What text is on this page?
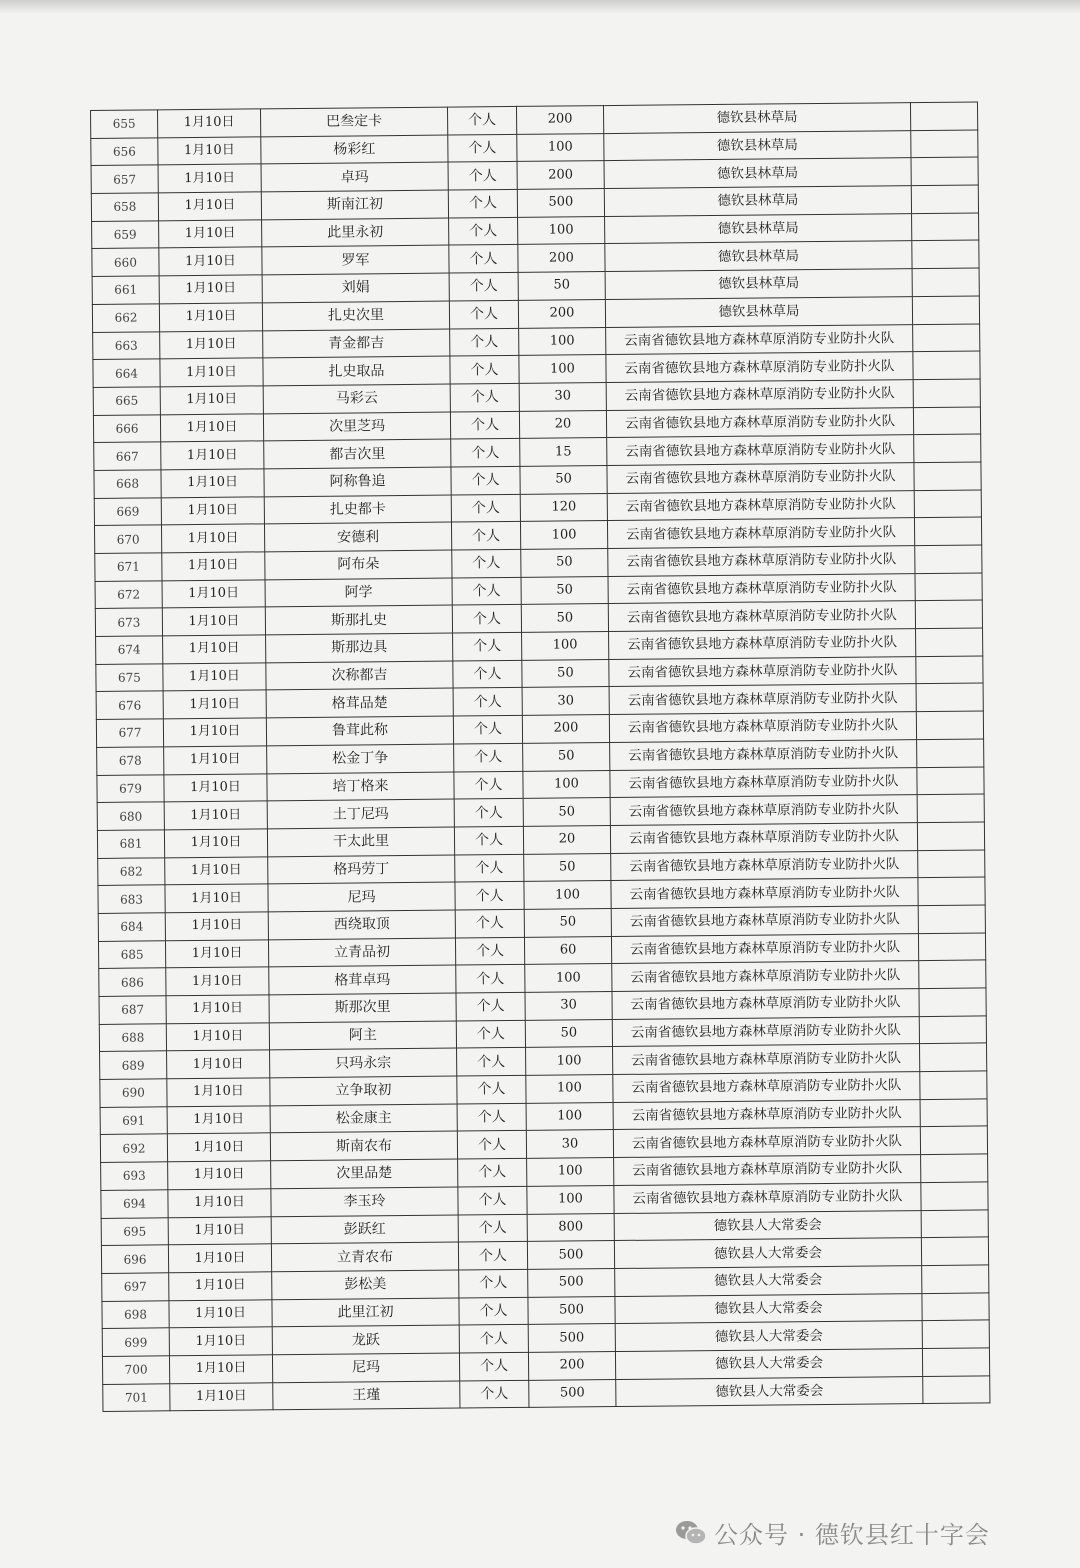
655	1月10日	巴叁定卡	个人	200	德钦县林草局	
656	1月10日	杨彩红	个人	100	德钦县林草局	
657	1月10日	卓玛	个人	200	德钦县林草局	
658	1月10日	斯南江初	个人	500	德钦县林草局	
659	1月10日	此里永初	个人	100	德钦县林草局	
660	1月10日	罗军	个人	200	德钦县林草局	
661	1月10日	刘娟	个人	50	德钦县林草局	
662	1月10日	扎史次里	个人	200	德钦县林草局	
663	1月10日	青金都吉	个人	100	云南省德钦县地方森林草原消防专业防扑火队	
664	1月10日	扎史取品	个人	100	云南省德钦县地方森林草原消防专业防扑火队	
665	1月10日	马彩云	个人	30	云南省德钦县地方森林草原消防专业防扑火队	
666	1月10日	次里芝玛	个人	20	云南省德钦县地方森林草原消防专业防扑火队	
667	1月10日	都吉次里	个人	15	云南省德钦县地方森林草原消防专业防扑火队	
668	1月10日	阿称鲁追	个人	50	云南省德钦县地方森林草原消防专业防扑火队	
669	1月10日	扎史都卡	个人	120	云南省德钦县地方森林草原消防专业防扑火队	
670	1月10日	安德利	个人	100	云南省德钦县地方森林草原消防专业防扑火队	
671	1月10日	阿布朵	个人	50	云南省德钦县地方森林草原消防专业防扑火队	
672	1月10日	阿学	个人	50	云南省德钦县地方森林草原消防专业防扑火队	
673	1月10日	斯那扎史	个人	50	云南省德钦县地方森林草原消防专业防扑火队	
674	1月10日	斯那边具	个人	100	云南省德钦县地方森林草原消防专业防扑火队	
675	1月10日	次称都吉	个人	50	云南省德钦县地方森林草原消防专业防扑火队	
676	1月10日	格茸品楚	个人	30	云南省德钦县地方森林草原消防专业防扑火队	
677	1月10日	鲁茸此称	个人	200	云南省德钦县地方森林草原消防专业防扑火队	
678	1月10日	松金丁争	个人	50	云南省德钦县地方森林草原消防专业防扑火队	
679	1月10日	培丁格来	个人	100	云南省德钦县地方森林草原消防专业防扑火队	
680	1月10日	土丁尼玛	个人	50	云南省德钦县地方森林草原消防专业防扑火队	
681	1月10日	干太此里	个人	20	云南省德钦县地方森林草原消防专业防扑火队	
682	1月10日	格玛劳丁	个人	50	云南省德钦县地方森林草原消防专业防扑火队	
683	1月10日	尼玛	个人	100	云南省德钦县地方森林草原消防专业防扑火队	
684	1月10日	西绕取顶	个人	50	云南省德钦县地方森林草原消防专业防扑火队	
685	1月10日	立青品初	个人	60	云南省德钦县地方森林草原消防专业防扑火队	
686	1月10日	格茸卓玛	个人	100	云南省德钦县地方森林草原消防专业防扑火队	
687	1月10日	斯那次里	个人	30	云南省德钦县地方森林草原消防专业防扑火队	
688	1月10日	阿主	个人	50	云南省德钦县地方森林草原消防专业防扑火队	
689	1月10日	只玛永宗	个人	100	云南省德钦县地方森林草原消防专业防扑火队	
690	1月10日	立争取初	个人	100	云南省德钦县地方森林草原消防专业防扑火队	
691	1月10日	松金康主	个人	100	云南省德钦县地方森林草原消防专业防扑火队	
692	1月10日	斯南农布	个人	30	云南省德钦县地方森林草原消防专业防扑火队	
693	1月10日	次里品楚	个人	100	云南省德钦县地方森林草原消防专业防扑火队	
694	1月10日	李玉玲	个人	100	云南省德钦县地方森林草原消防专业防扑火队	
695	1月10日	彭跃红	个人	800	德钦县人大常委会	
696	1月10日	立青农布	个人	500	德钦县人大常委会	
697	1月10日	彭松美	个人	500	德钦县人大常委会	
698	1月10日	此里江初	个人	500	德钦县人大常委会	
699	1月10日	龙跃	个人	500	德钦县人大常委会	
700	1月10日	尼玛	个人	200	德钦县人大常委会	
701	1月10日	王瑾	个人	500	德钦县人大常委会	
公众号 · 德钦县红十字会
